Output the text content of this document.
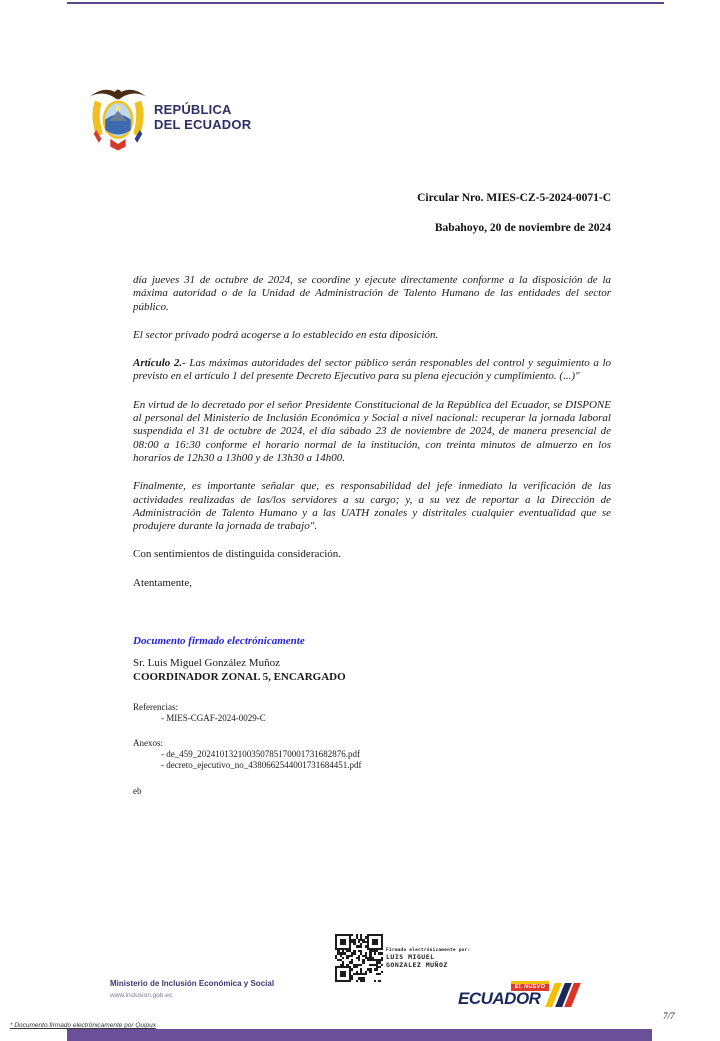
REPÚBLICA
DEL ECUADOR
Circular Nro. MIES-CZ-5-2024-0071-C
Babahoyo, 20 de noviembre de 2024

día jueves 31 de octubre de 2024, se coordine y ejecute directamente conforme a la disposición de la máxima autoridad o de la Unidad de Administración de Talento Humano de las entidades del sector público.

El sector privado podrá acogerse a lo establecido en esta diposición.

Artículo 2.- Las máximas autoridades del sector público serán responables del control y seguimiento a lo previsto en el artículo 1 del presente Decreto Ejecutivo para su plena ejecución y cumplimiento. (...)"

En virtud de lo decretado por el señor Presidente Constitucional de la República del Ecuador, se DISPONE al personal del Ministerio de Inclusión Económica y Social a nivel nacional: recuperar la jornada laboral suspendida el 31 de octubre de 2024, el día sábado 23 de noviembre de 2024, de manera presencial de 08:00 a 16:30 conforme el horario normal de la institución, con treinta minutos de almuerzo en los horarios de 12h30 a 13h00 y de 13h30 a 14h00.

Finalmente, es importante señalar que, es responsabilidad del jefe inmediato la verificación de las actividades realizadas de las/los servidores a su cargo; y, a su vez de reportar a la Dirección de Administración de Talento Humano y a las UATH zonales y distritales cualquier eventualidad que se produjere durante la jornada de trabajo".

Con sentimientos de distinguida consideración.

Atentamente,

Documento firmado electrónicamente
Sr. Luis Miguel González Muñoz
COORDINADOR ZONAL 5, ENCARGADO
Referencias:
- MIES-CGAF-2024-0029-C
Anexos:
- de_459_202410132100350785170001731682876.pdf
- decreto_ejecutivo_no_4380662544001731684451.pdf
eb
Firmado electrónicamente por:
LUIS MIGUEL
GONZALEZ MUÑOZ
Ministerio de Inclusión Económica y Social
www.inclusion.gob.ec
EL NUEVO
ECUADOR
7/7
* Documento firmado electrónicamente por Quipux
